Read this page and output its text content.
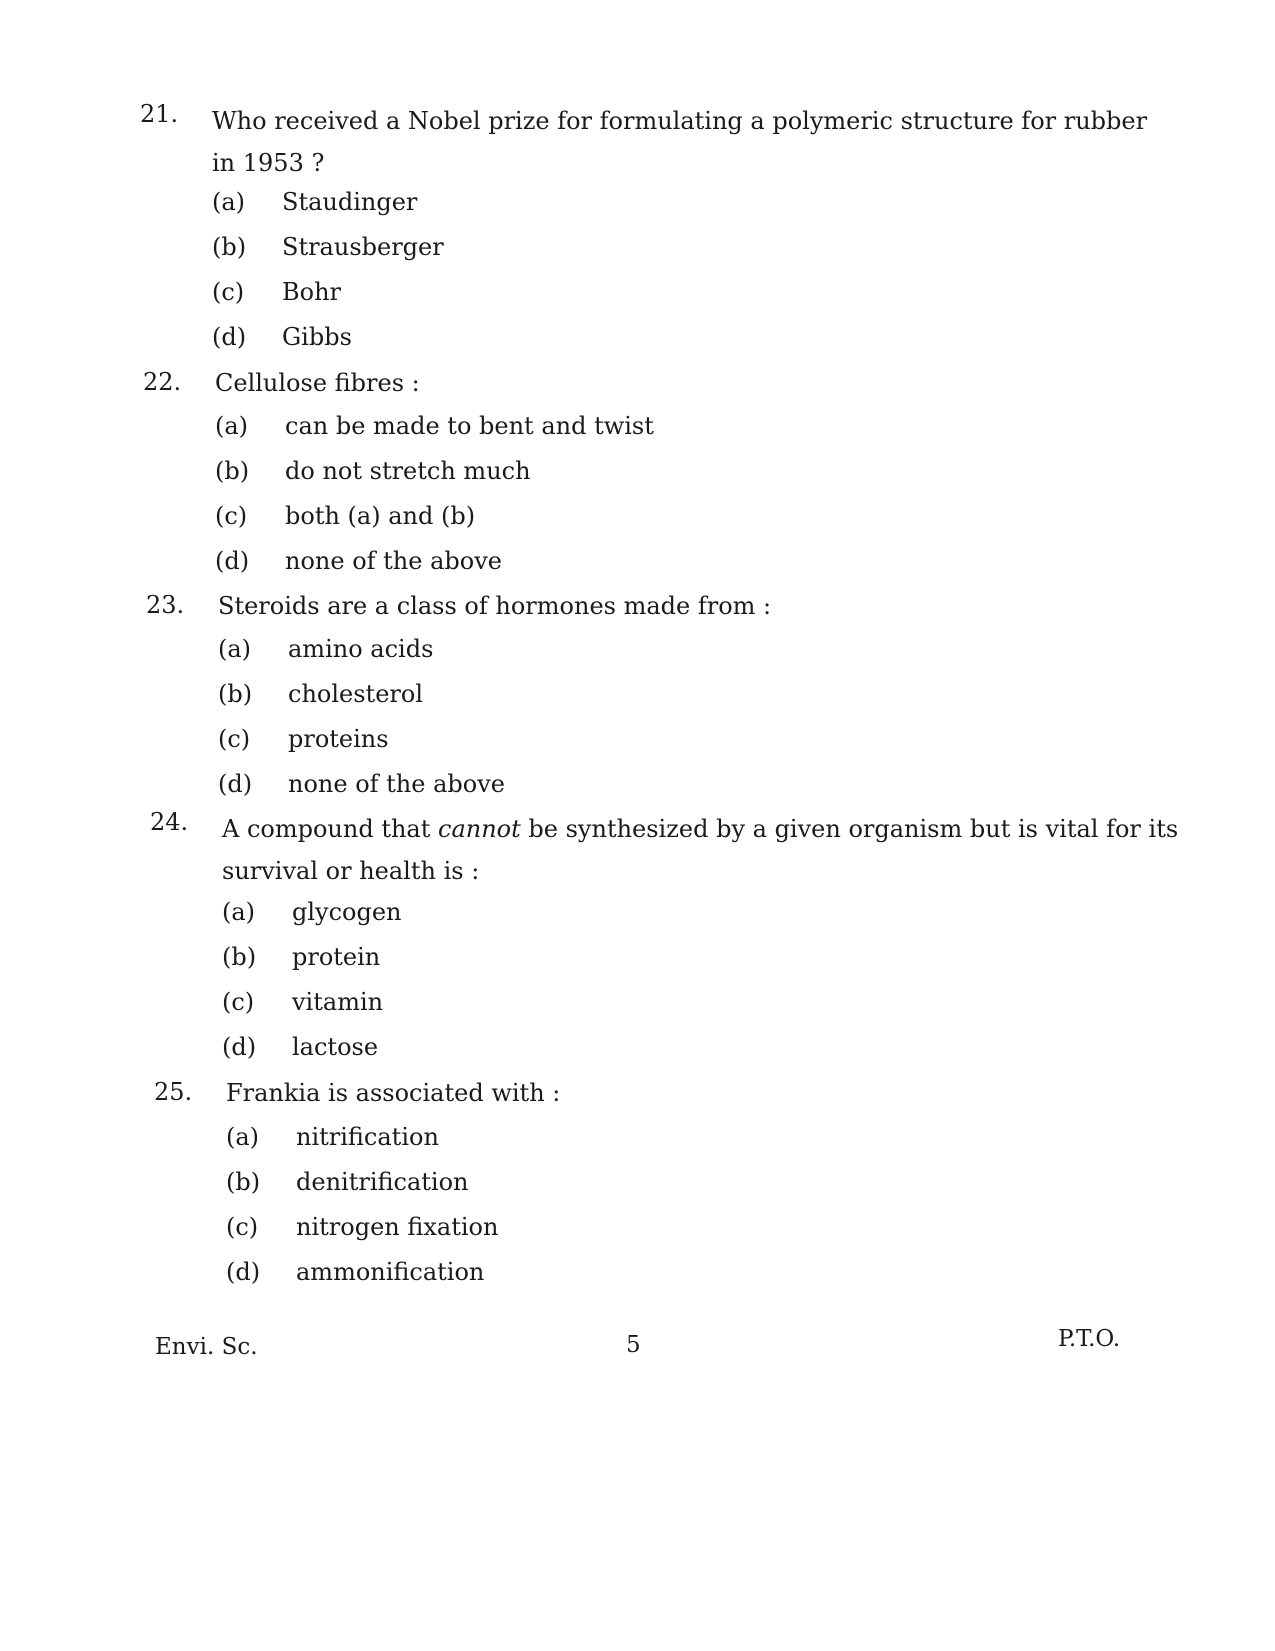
21.	Who received a Nobel prize for formulating a polymeric structure for rubber in 1953 ?
(a) Staudinger
(b) Strausberger
(c) Bohr
(d) Gibbs
22.	Cellulose fibres :
(a) can be made to bent and twist
(b) do not stretch much
(c) both (a) and (b)
(d) none of the above
23.	Steroids are a class of hormones made from :
(a) amino acids
(b) cholesterol
(c) proteins
(d) none of the above
24.	A compound that cannot be synthesized by a given organism but is vital for its survival or health is :
(a) glycogen
(b) protein
(c) vitamin
(d) lactose
25.	Frankia is associated with :
(a) nitrification
(b) denitrification
(c) nitrogen fixation
(d) ammonification
Envi. Sc.	5	P.T.O.
